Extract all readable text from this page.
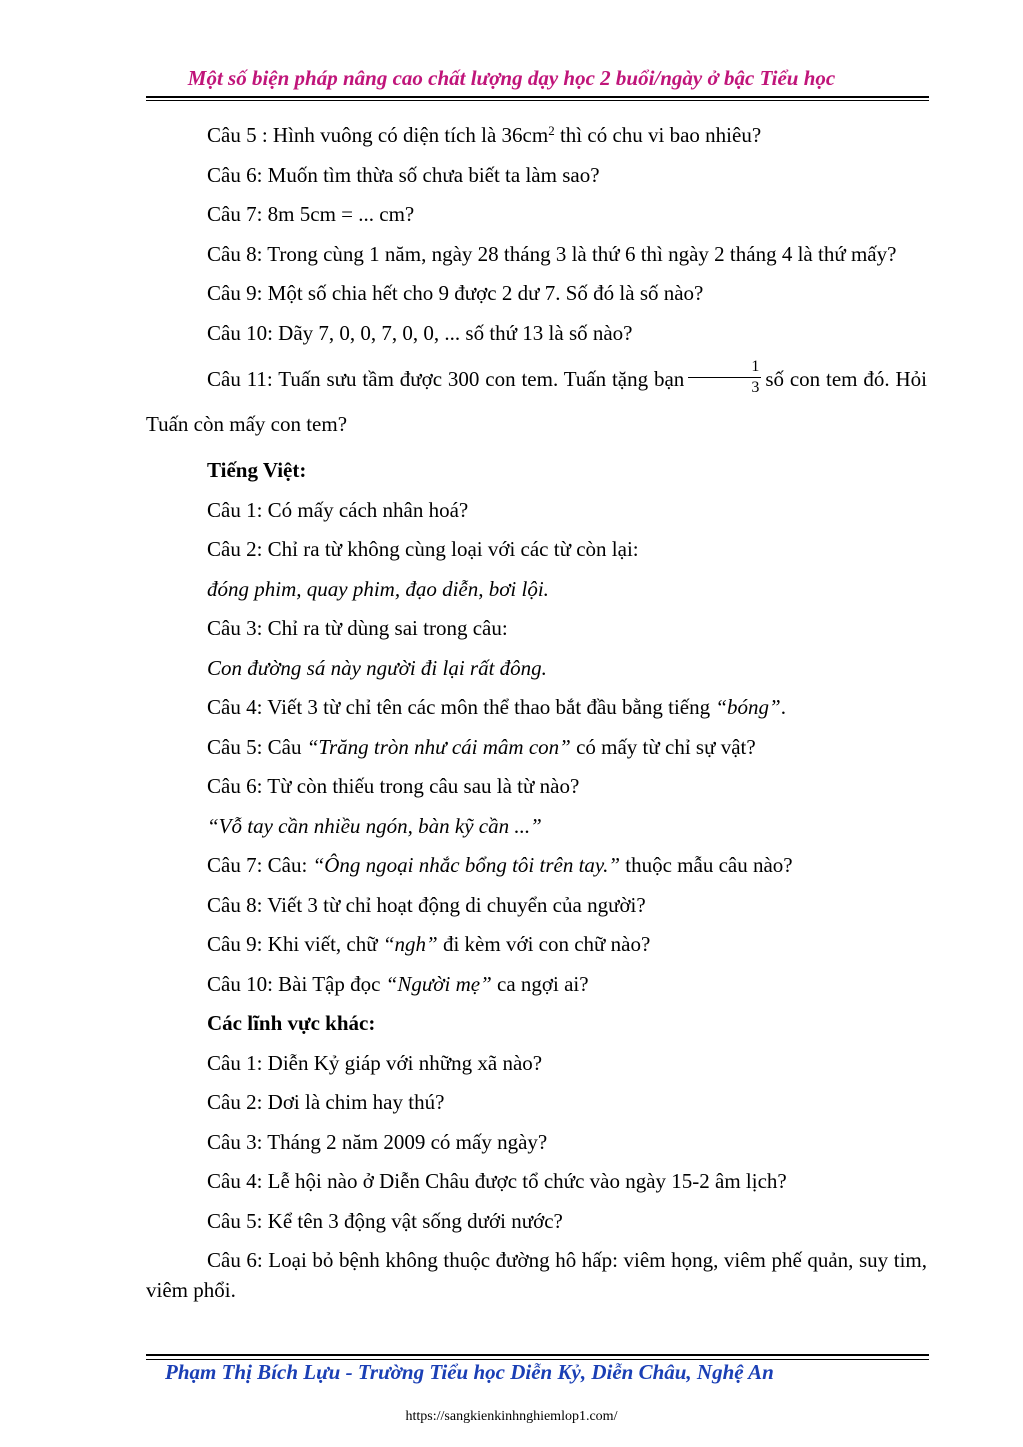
Một số biện pháp nâng cao chất lượng dạy học 2 buổi/ngày ở bậc Tiểu học

Câu 5 : Hình vuông có diện tích là $36cm^2$ thì có chu vi bao nhiêu?

Câu 6: Muốn tìm thừa số chưa biết ta làm sao?

Câu 7: 8m 5cm = ... cm?

Câu 8: Trong cùng 1 năm, ngày 28 tháng 3 là thứ 6 thì ngày 2 tháng 4 là thứ mấy?

Câu 9: Một số chia hết cho 9 được 2 dư 7. Số đó là số nào?

Câu 10: Dãy 7, 0, 0, 7, 0, 0, ... số thứ 13 là số nào?

Câu 11: Tuấn sưu tầm được 300 con tem. Tuấn tặng bạn $\frac{1}{3}$ số con tem đó. Hỏi Tuấn còn mấy con tem?

Tiếng Việt:

Câu 1: Có mấy cách nhân hoá?

Câu 2: Chỉ ra từ không cùng loại với các từ còn lại:

đóng phim, quay phim, đạo diễn, bơi lội.

Câu 3: Chỉ ra từ dùng sai trong câu:

Con đường sá này người đi lại rất đông.

Câu 4: Viết 3 từ chỉ tên các môn thể thao bắt đầu bằng tiếng “bóng”.

Câu 5: Câu “Trăng tròn như cái mâm con” có mấy từ chỉ sự vật?

Câu 6: Từ còn thiếu trong câu sau là từ nào?

“Vỗ tay cần nhiều ngón, bàn kỹ cần ...”

Câu 7: Câu: “Ông ngoại nhắc bổng tôi trên tay.” thuộc mẫu câu nào?

Câu 8: Viết 3 từ chỉ hoạt động di chuyển của người?

Câu 9: Khi viết, chữ “ngh” đi kèm với con chữ nào?

Câu 10: Bài Tập đọc “Người mẹ” ca ngợi ai?

Các lĩnh vực khác:

Câu 1: Diễn Kỷ giáp với những xã nào?

Câu 2: Dơi là chim hay thú?

Câu 3: Tháng 2 năm 2009 có mấy ngày?

Câu 4: Lễ hội nào ở Diễn Châu được tổ chức vào ngày 15-2 âm lịch?

Câu 5: Kể tên 3 động vật sống dưới nước?

Câu 6: Loại bỏ bệnh không thuộc đường hô hấp: viêm họng, viêm phế quản, suy tim, viêm phổi.

Phạm Thị Bích Lựu - Trường Tiểu học Diễn Kỷ, Diễn Châu, Nghệ An
https://sangkienkinhnghiemlop1.com/
